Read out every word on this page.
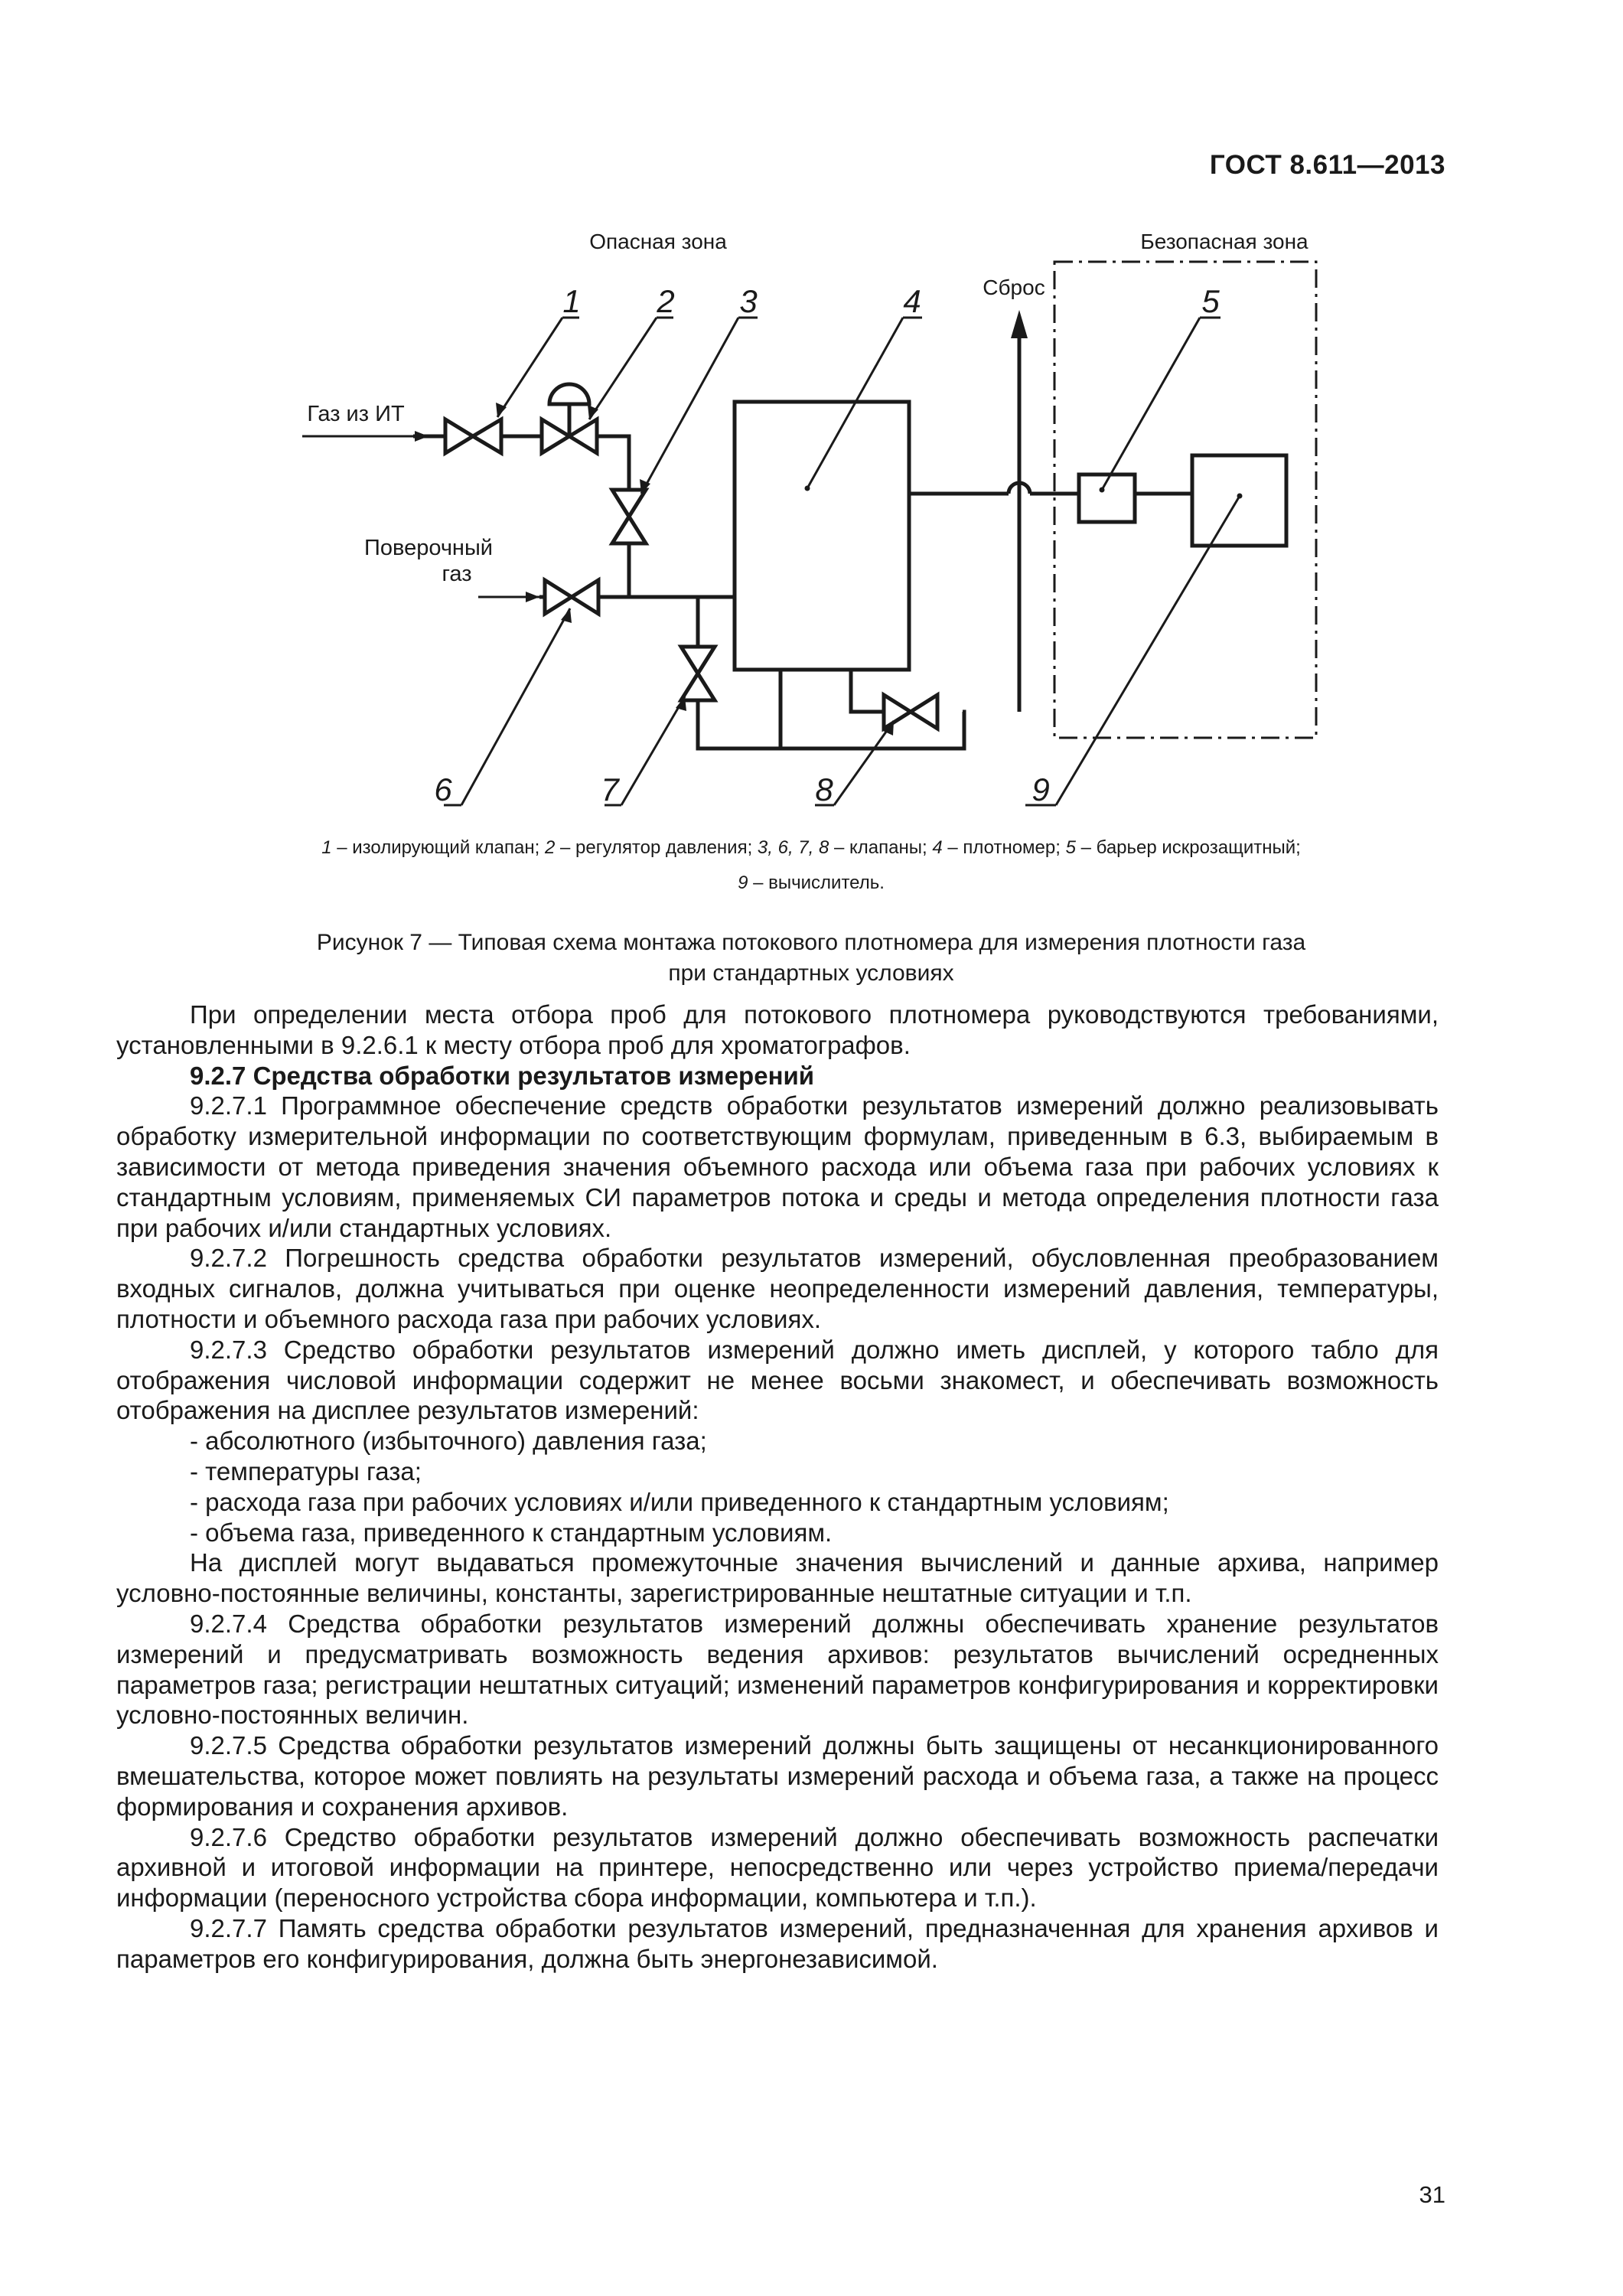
ГОСТ 8.611—2013
Опасная зона	Безопасная зона
Газ из ИТ
Поверочный
газ
Сброс
1 2 3	4	5
6	7	8	9
1 – изолирующий клапан; 2 – регулятор давления; 3, 6, 7, 8 – клапаны; 4 – плотномер; 5 – барьер искрозащитный;
9 – вычислитель.
Рисунок 7 — Типовая схема монтажа потокового плотномера для измерения плотности газа
при стандартных условиях

При определении места отбора проб для потокового плотномера руководствуются требованиями, установленными в 9.2.6.1 к месту отбора проб для хроматографов.

9.2.7 Средства обработки результатов измерений

9.2.7.1 Программное обеспечение средств обработки результатов измерений должно реализовывать обработку измерительной информации по соответствующим формулам, приведенным в 6.3, выбираемым в зависимости от метода приведения значения объемного расхода или объема газа при рабочих условиях к стандартным условиям, применяемых СИ параметров потока и среды и метода определения плотности газа при рабочих и/или стандартных условиях.

9.2.7.2 Погрешность средства обработки результатов измерений, обусловленная преобразованием входных сигналов, должна учитываться при оценке неопределенности измерений давления, температуры, плотности и объемного расхода газа при рабочих условиях.

9.2.7.3 Средство обработки результатов измерений должно иметь дисплей, у которого табло для отображения числовой информации содержит не менее восьми знакомест, и обеспечивать возможность отображения на дисплее результатов измерений:

- абсолютного (избыточного) давления газа;

- температуры газа;

- расхода газа при рабочих условиях и/или приведенного к стандартным условиям;

- объема газа, приведенного к стандартным условиям.

На дисплей могут выдаваться промежуточные значения вычислений и данные архива, например условно-постоянные величины, константы, зарегистрированные нештатные ситуации и т.п.

9.2.7.4 Средства обработки результатов измерений должны обеспечивать хранение результатов измерений и предусматривать возможность ведения архивов: результатов вычислений осредненных параметров газа; регистрации нештатных ситуаций; изменений параметров конфигурирования и корректировки условно-постоянных величин.

9.2.7.5 Средства обработки результатов измерений должны быть защищены от несанкционированного вмешательства, которое может повлиять на результаты измерений расхода и объема газа, а также на процесс формирования и сохранения архивов.

9.2.7.6 Средство обработки результатов измерений должно обеспечивать возможность распечатки архивной и итоговой информации на принтере, непосредственно или через устройство приема/передачи информации (переносного устройства сбора информации, компьютера и т.п.).

9.2.7.7 Память средства обработки результатов измерений, предназначенная для хранения архивов и параметров его конфигурирования, должна быть энергонезависимой.

31
